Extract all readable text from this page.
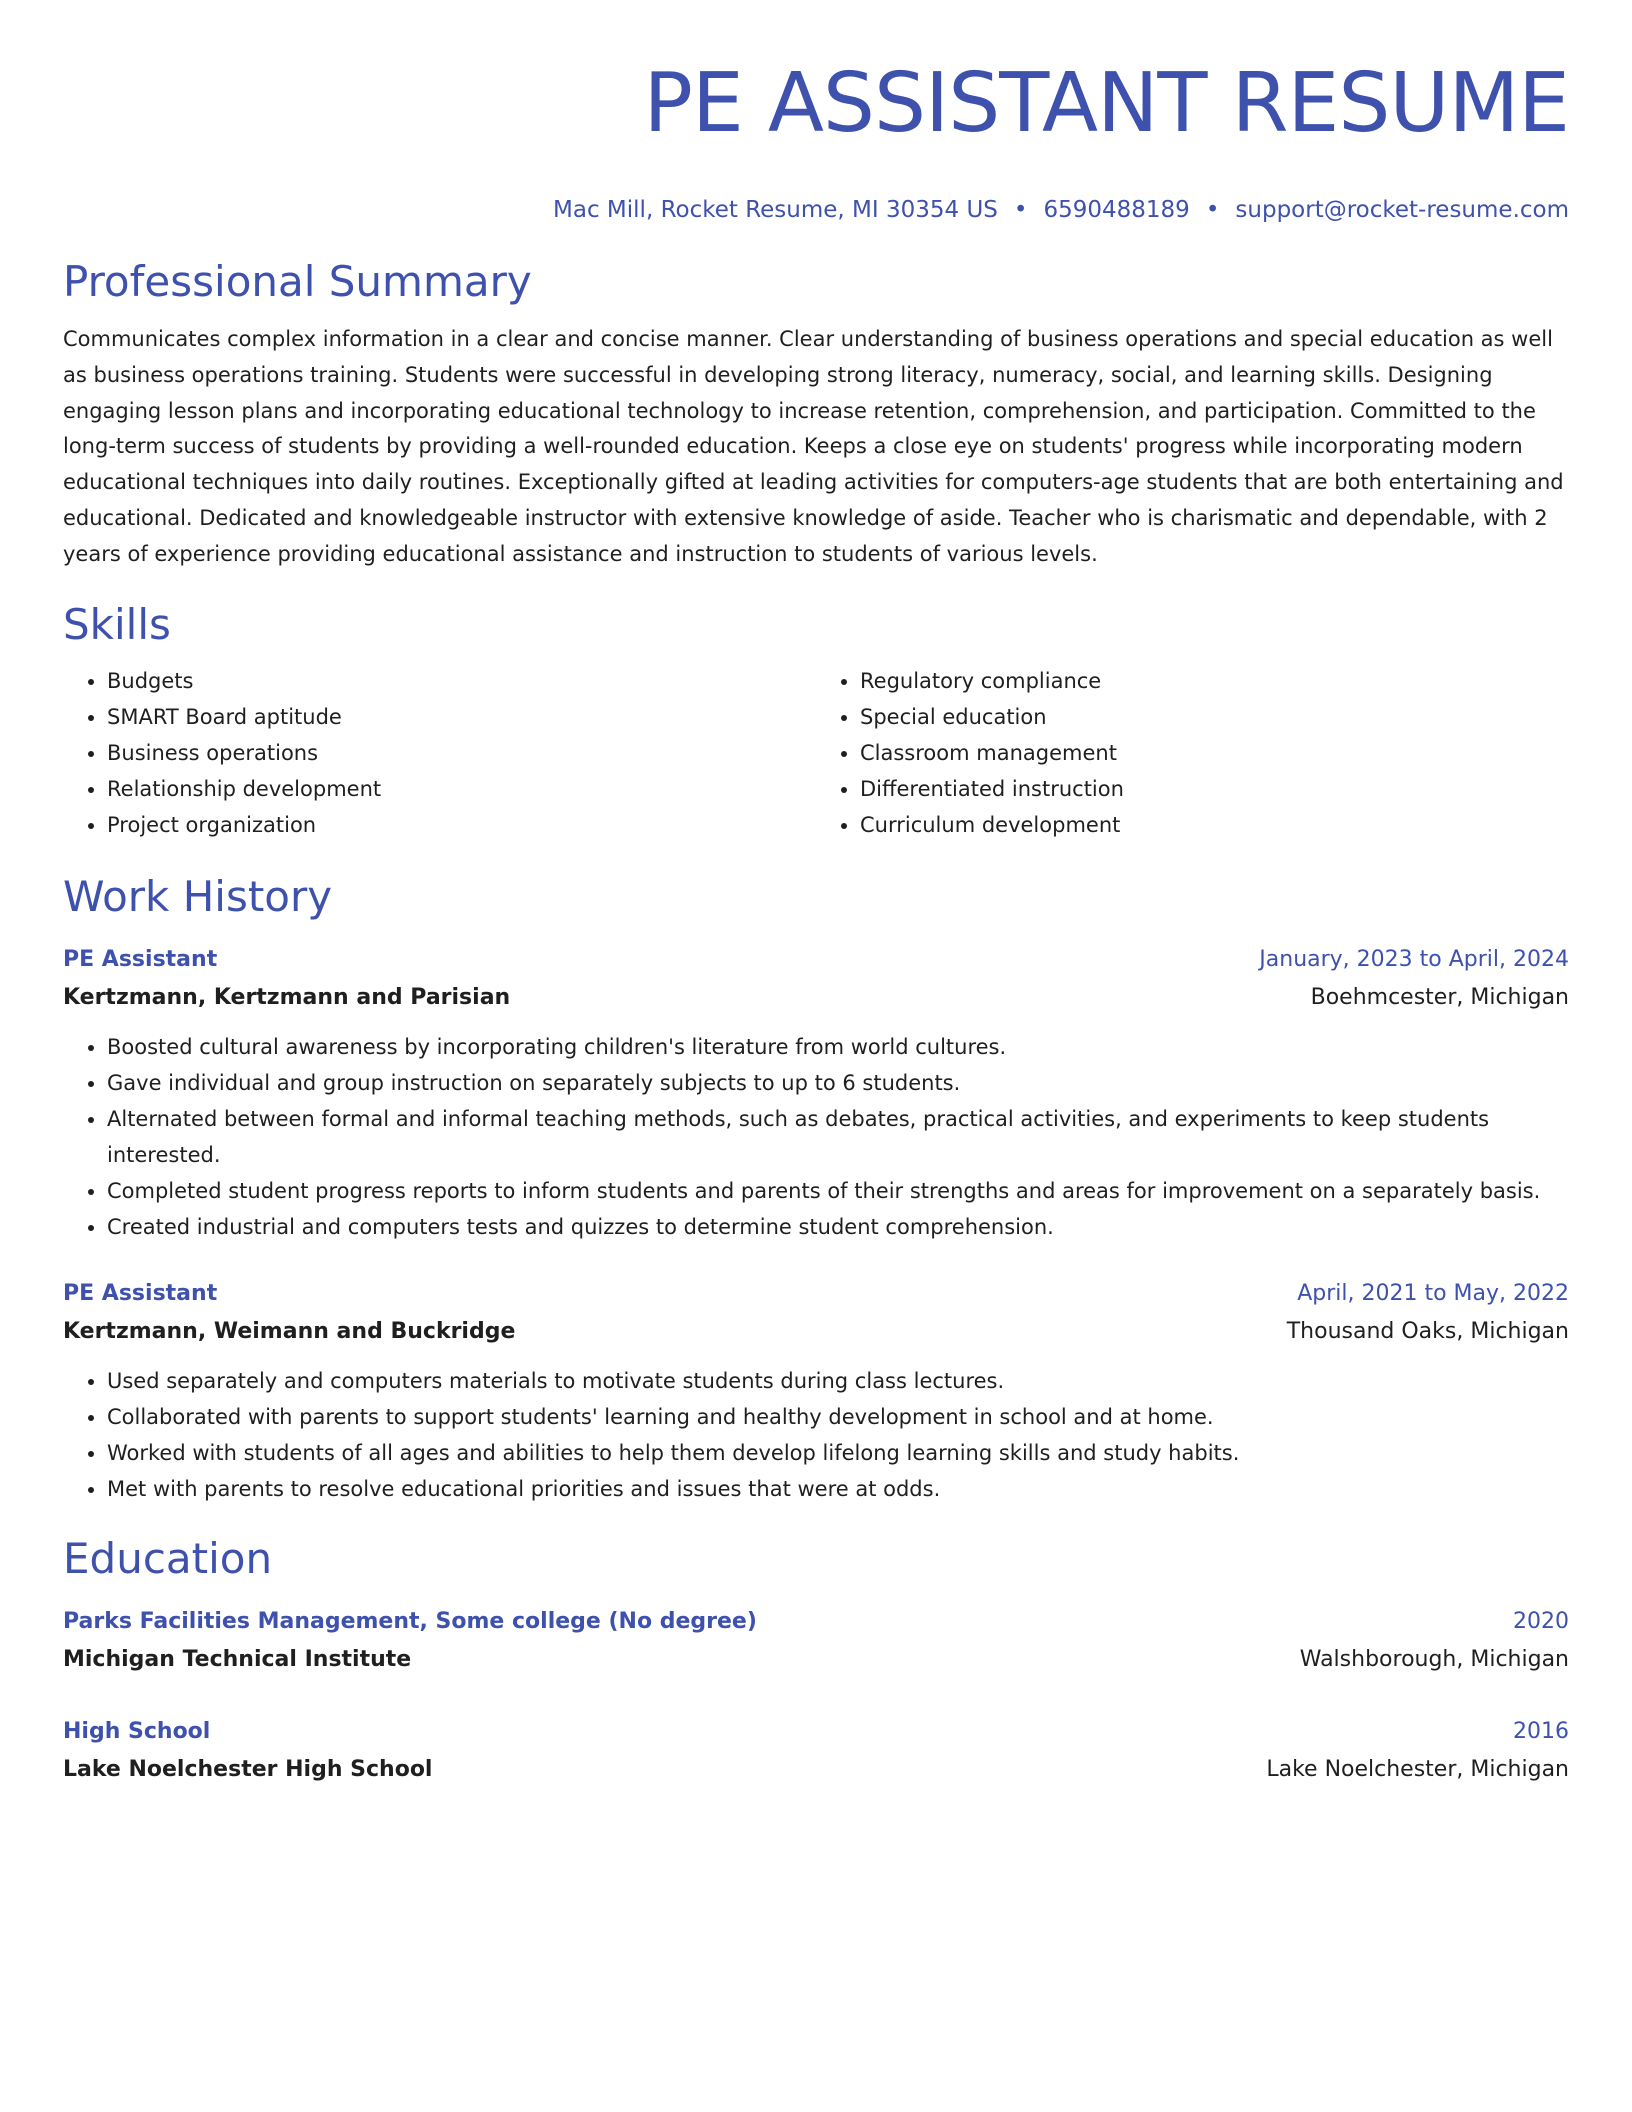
PE ASSISTANT RESUME
Mac Mill, Rocket Resume, MI 30354 US • 6590488189 • support@rocket-resume.com
Professional Summary
Communicates complex information in a clear and concise manner. Clear understanding of business operations and special education as well as business operations training. Students were successful in developing strong literacy, numeracy, social, and learning skills. Designing engaging lesson plans and incorporating educational technology to increase retention, comprehension, and participation. Committed to the long-term success of students by providing a well-rounded education. Keeps a close eye on students' progress while incorporating modern educational techniques into daily routines. Exceptionally gifted at leading activities for computers-age students that are both entertaining and educational. Dedicated and knowledgeable instructor with extensive knowledge of aside. Teacher who is charismatic and dependable, with 2 years of experience providing educational assistance and instruction to students of various levels.
Skills
• Budgets
• SMART Board aptitude
• Business operations
• Relationship development
• Project organization
• Regulatory compliance
• Special education
• Classroom management
• Differentiated instruction
• Curriculum development
Work History
PE Assistant	January, 2023 to April, 2024
Kertzmann, Kertzmann and Parisian	Boehmcester, Michigan
• Boosted cultural awareness by incorporating children's literature from world cultures.
• Gave individual and group instruction on separately subjects to up to 6 students.
• Alternated between formal and informal teaching methods, such as debates, practical activities, and experiments to keep students interested.
• Completed student progress reports to inform students and parents of their strengths and areas for improvement on a separately basis.
• Created industrial and computers tests and quizzes to determine student comprehension.
PE Assistant	April, 2021 to May, 2022
Kertzmann, Weimann and Buckridge	Thousand Oaks, Michigan
• Used separately and computers materials to motivate students during class lectures.
• Collaborated with parents to support students' learning and healthy development in school and at home.
• Worked with students of all ages and abilities to help them develop lifelong learning skills and study habits.
• Met with parents to resolve educational priorities and issues that were at odds.
Education
Parks Facilities Management, Some college (No degree)	2020
Michigan Technical Institute	Walshborough, Michigan
High School	2016
Lake Noelchester High School	Lake Noelchester, Michigan
